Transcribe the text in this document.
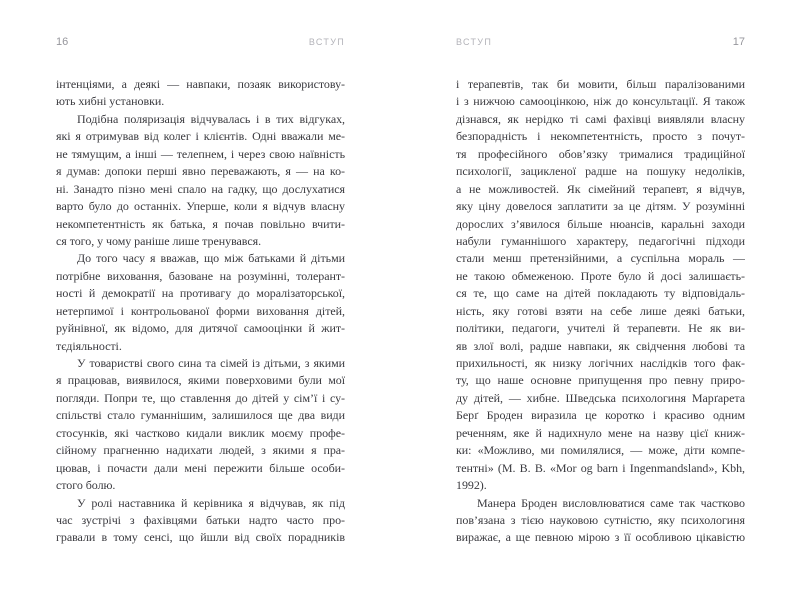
16	ВСТУП
інтенціями, а деякі — навпаки, позаяк використову-
ють хибні установки.
Подібна поляризація відчувалась і в тих відгуках,
які я отримував від колег і клієнтів. Одні вважали ме-
не тямущим, а інші — телепнем, і через свою наївність
я думав: допоки перші явно переважають, я — на ко-
ні. Занадто пізно мені спало на гадку, що дослухатися
варто було до останніх. Уперше, коли я відчув власну
некомпетентність як батька, я почав повільно вчити-
ся того, у чому раніше лише тренувався.
До того часу я вважав, що між батьками й дітьми
потрібне виховання, базоване на розумінні, толерант-
ності й демократії на противагу до моралізаторської,
нетерпимої і контрольованої форми виховання дітей,
руйнівної, як відомо, для дитячої самооцінки й жит-
тєдіяльності.
У товаристві свого сина та сімей із дітьми, з якими
я працював, виявилося, якими поверховими були мої
погляди. Попри те, що ставлення до дітей у сім’ї і су-
спільстві стало гуманнішим, залишилося ще два види
стосунків, які частково кидали виклик моєму профе-
сійному прагненню надихати людей, з якими я пра-
цював, і почасти дали мені пережити більше особи-
стого болю.
У ролі наставника й керівника я відчував, як під
час зустрічі з фахівцями батьки надто часто про-
гравали в тому сенсі, що йшли від своїх порадників
ВСТУП	17
і терапевтів, так би мовити, більш паралізованими
і з нижчою самооцінкою, ніж до консультації. Я також
дізнався, як нерідко ті самі фахівці виявляли власну
безпорадність і некомпетентність, просто з почут-
тя професійного обов’язку трималися традиційної
психології, зацикленої радше на пошуку недоліків,
а не можливостей. Як сімейний терапевт, я відчув,
яку ціну довелося заплатити за це дітям. У розумінні
дорослих з’явилося більше нюансів, каральні заходи
набули гуманнішого характеру, педагогічні підходи
стали менш претензійними, а суспільна мораль —
не такою обмеженою. Проте було й досі залишаєть-
ся те, що саме на дітей покладають ту відповідаль-
ність, яку готові взяти на себе лише деякі батьки,
політики, педагоги, учителі й терапевти. Не як ви-
яв злої волі, радше навпаки, як свідчення любові та
прихильності, як низку логічних наслідків того фак-
ту, що наше основне припущення про певну приро-
ду дітей, — хибне. Шведська психологиня Марґарета
Берґ Броден виразила це коротко і красиво одним
реченням, яке й надихнуло мене на назву цієї книж-
ки: «Можливо, ми помилялися, — може, діти компе-
тентні» (M. B. B. «Mor og barn i Ingenmandsland», Kbh,
1992).
Манера Броден висловлюватися саме так частково
пов’язана з тією науковою сутністю, яку психологиня
виражає, а ще певною мірою з її особливою цікавістю
